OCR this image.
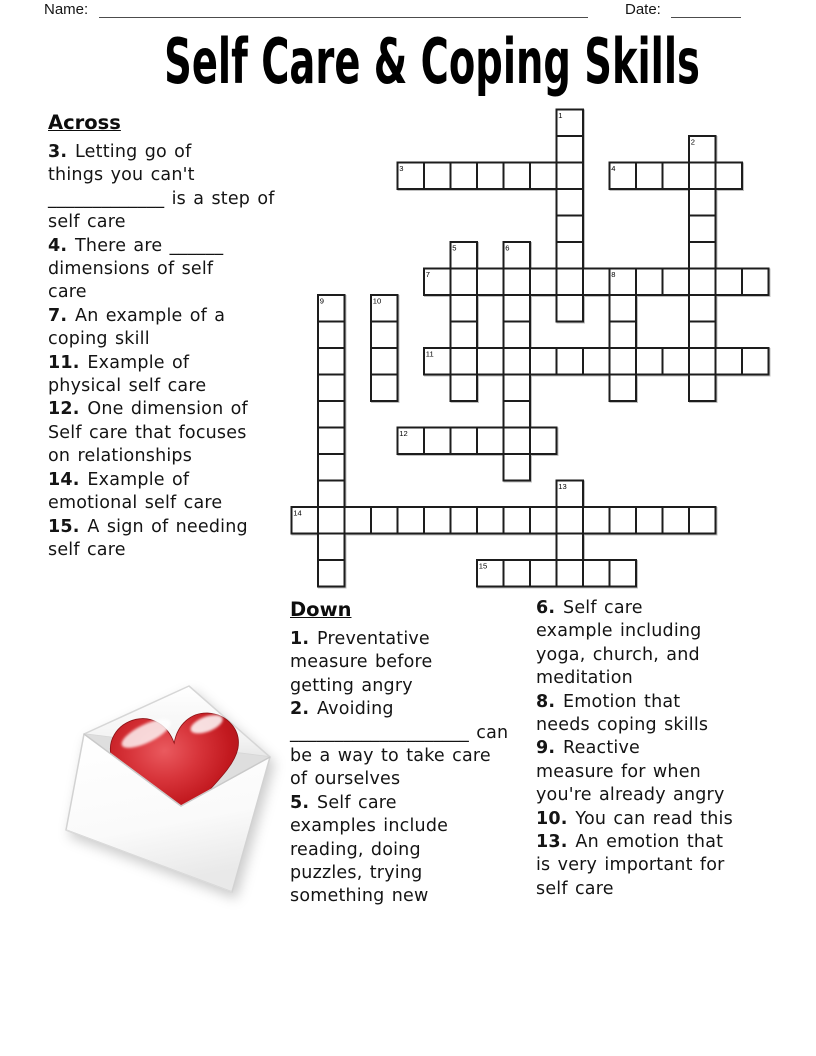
Name:	Date:
Self Care & Coping Skills
Across
3. Letting go of
things you can't
_____________ is a step of
self care
4. There are ______
dimensions of self
care
7. An example of a
coping skill
11. Example of
physical self care
12. One dimension of
Self care that focuses
on relationships
14. Example of
emotional self care
15. A sign of needing
self care
1
2
3	4
5	6
7	8
9	10
11
12
13
14
15
Down
1. Preventative
measure before
getting angry
2. Avoiding
____________________ can
be a way to take care
of ourselves
5. Self care
examples include
reading, doing
puzzles, trying
something new
6. Self care
example including
yoga, church, and
meditation
8. Emotion that
needs coping skills
9. Reactive
measure for when
you're already angry
10. You can read this
13. An emotion that
is very important for
self care
